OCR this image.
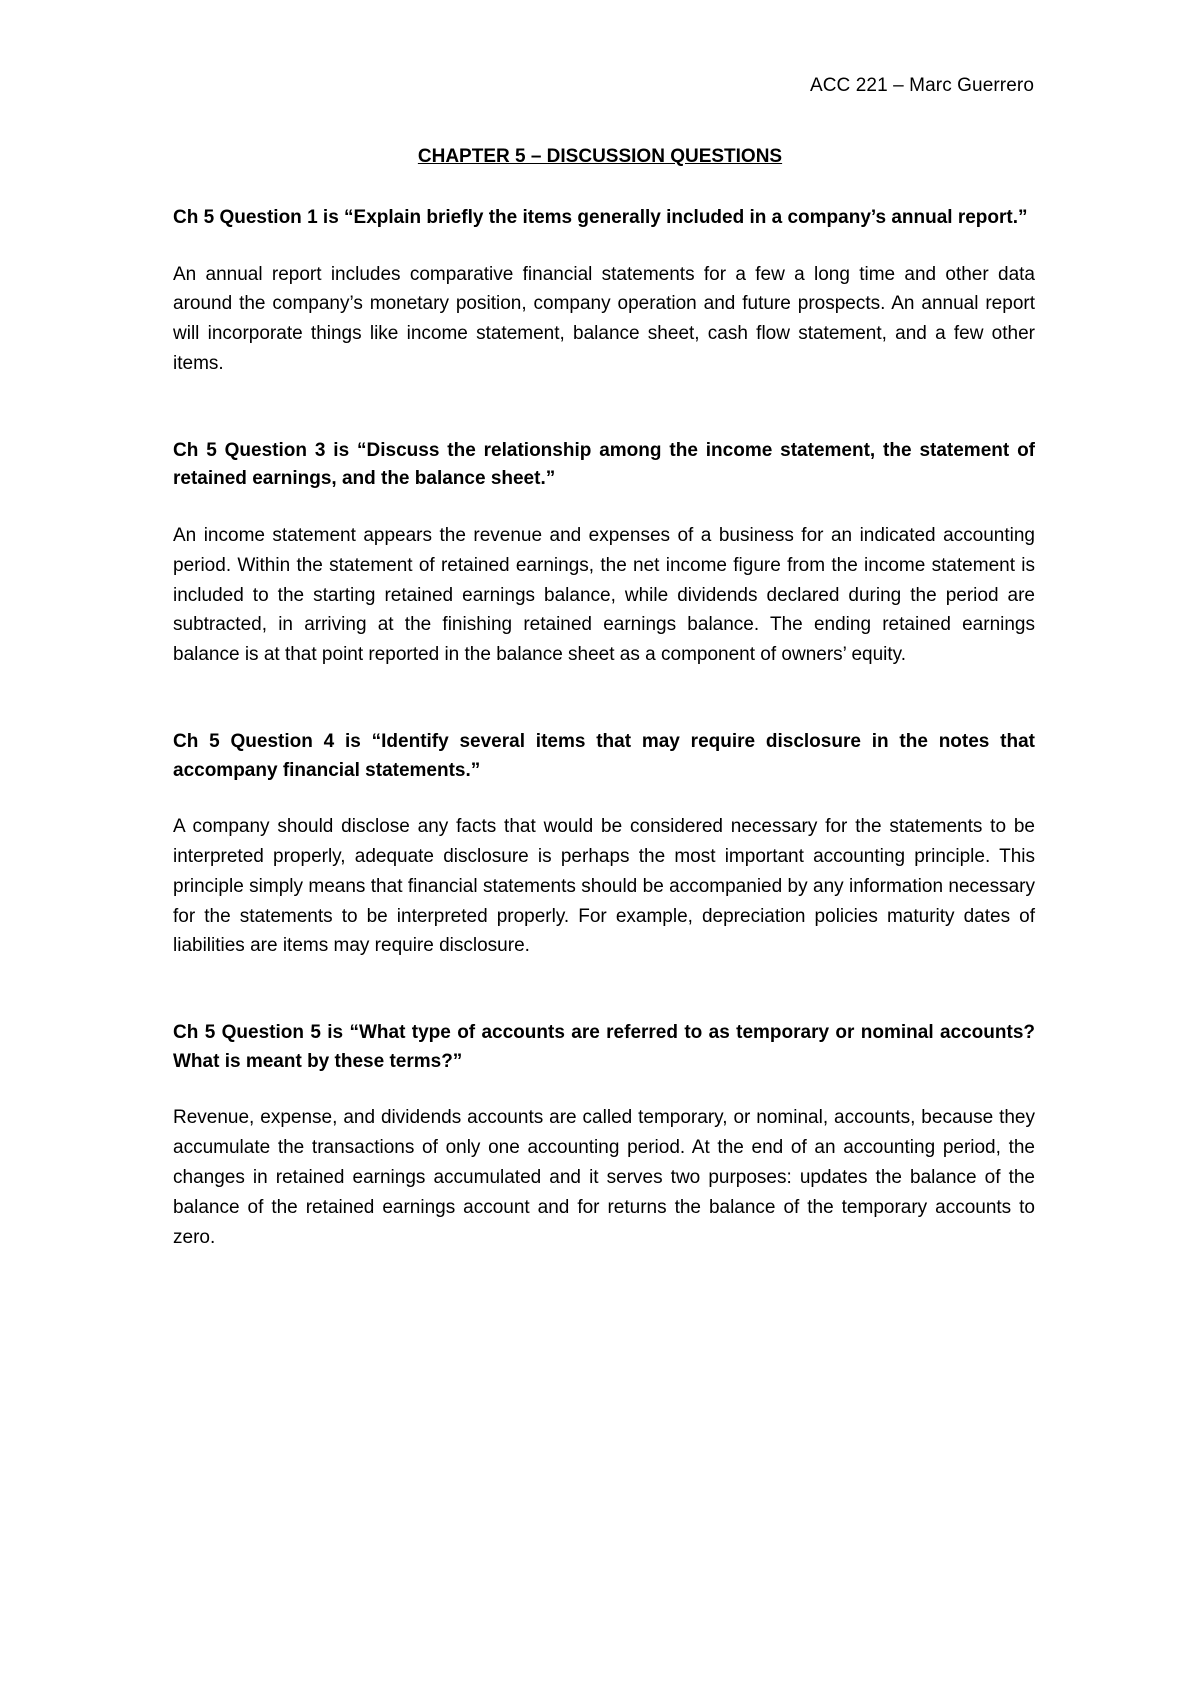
ACC 221 – Marc Guerrero
CHAPTER 5 – DISCUSSION QUESTIONS

Ch 5 Question 1 is “Explain briefly the items generally included in a company’s annual report.”

An annual report includes comparative financial statements for a few a long time and other data around the company’s monetary position, company operation and future prospects. An annual report will incorporate things like income statement, balance sheet, cash flow statement, and a few other items.

Ch 5 Question 3 is “Discuss the relationship among the income statement, the statement of retained earnings, and the balance sheet.”

An income statement appears the revenue and expenses of a business for an indicated accounting period. Within the statement of retained earnings, the net income figure from the income statement is included to the starting retained earnings balance, while dividends declared during the period are subtracted, in arriving at the finishing retained earnings balance. The ending retained earnings balance is at that point reported in the balance sheet as a component of owners’ equity.

Ch 5 Question 4 is “Identify several items that may require disclosure in the notes that accompany financial statements.”

A company should disclose any facts that would be considered necessary for the statements to be interpreted properly, adequate disclosure is perhaps the most important accounting principle. This principle simply means that financial statements should be accompanied by any information necessary for the statements to be interpreted properly. For example, depreciation policies maturity dates of liabilities are items may require disclosure.

Ch 5 Question 5 is “What type of accounts are referred to as temporary or nominal accounts? What is meant by these terms?”

Revenue, expense, and dividends accounts are called temporary, or nominal, accounts, because they accumulate the transactions of only one accounting period. At the end of an accounting period, the changes in retained earnings accumulated and it serves two purposes: updates the balance of the balance of the retained earnings account and for returns the balance of the temporary accounts to zero.
